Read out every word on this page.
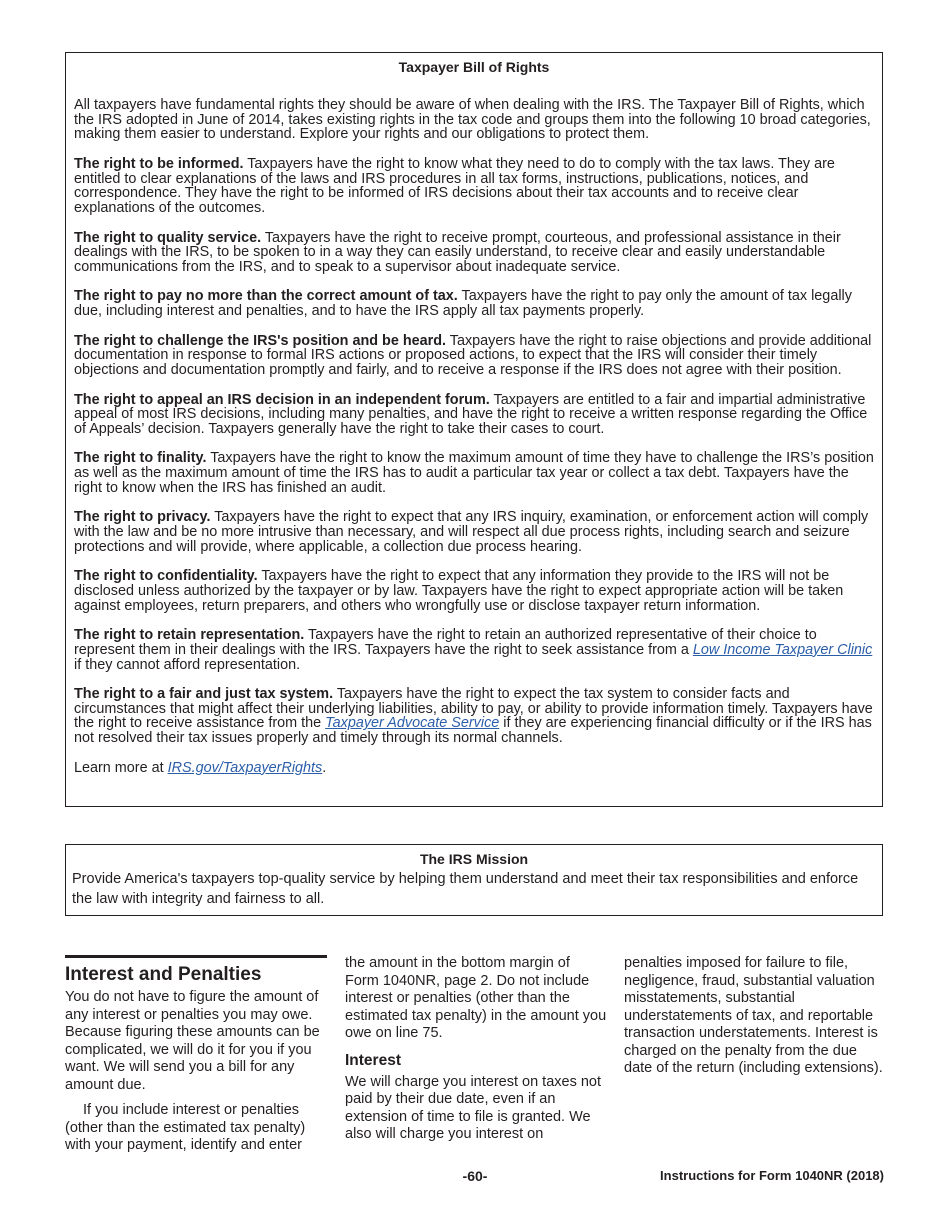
Taxpayer Bill of Rights

All taxpayers have fundamental rights they should be aware of when dealing with the IRS. The Taxpayer Bill of Rights, which the IRS adopted in June of 2014, takes existing rights in the tax code and groups them into the following 10 broad categories, making them easier to understand. Explore your rights and our obligations to protect them.

The right to be informed. Taxpayers have the right to know what they need to do to comply with the tax laws. They are entitled to clear explanations of the laws and IRS procedures in all tax forms, instructions, publications, notices, and correspondence. They have the right to be informed of IRS decisions about their tax accounts and to receive clear explanations of the outcomes.

The right to quality service. Taxpayers have the right to receive prompt, courteous, and professional assistance in their dealings with the IRS, to be spoken to in a way they can easily understand, to receive clear and easily understandable communications from the IRS, and to speak to a supervisor about inadequate service.

The right to pay no more than the correct amount of tax. Taxpayers have the right to pay only the amount of tax legally due, including interest and penalties, and to have the IRS apply all tax payments properly.

The right to challenge the IRS's position and be heard. Taxpayers have the right to raise objections and provide additional documentation in response to formal IRS actions or proposed actions, to expect that the IRS will consider their timely objections and documentation promptly and fairly, and to receive a response if the IRS does not agree with their position.

The right to appeal an IRS decision in an independent forum. Taxpayers are entitled to a fair and impartial administrative appeal of most IRS decisions, including many penalties, and have the right to receive a written response regarding the Office of Appeals’ decision. Taxpayers generally have the right to take their cases to court.

The right to finality. Taxpayers have the right to know the maximum amount of time they have to challenge the IRS’s position as well as the maximum amount of time the IRS has to audit a particular tax year or collect a tax debt. Taxpayers have the right to know when the IRS has finished an audit.

The right to privacy. Taxpayers have the right to expect that any IRS inquiry, examination, or enforcement action will comply with the law and be no more intrusive than necessary, and will respect all due process rights, including search and seizure protections and will provide, where applicable, a collection due process hearing.

The right to confidentiality. Taxpayers have the right to expect that any information they provide to the IRS will not be disclosed unless authorized by the taxpayer or by law. Taxpayers have the right to expect appropriate action will be taken against employees, return preparers, and others who wrongfully use or disclose taxpayer return information.

The right to retain representation. Taxpayers have the right to retain an authorized representative of their choice to represent them in their dealings with the IRS. Taxpayers have the right to seek assistance from a Low Income Taxpayer Clinic if they cannot afford representation.

The right to a fair and just tax system. Taxpayers have the right to expect the tax system to consider facts and circumstances that might affect their underlying liabilities, ability to pay, or ability to provide information timely. Taxpayers have the right to receive assistance from the Taxpayer Advocate Service if they are experiencing financial difficulty or if the IRS has not resolved their tax issues properly and timely through its normal channels.

Learn more at IRS.gov/TaxpayerRights.

The IRS Mission
Provide America's taxpayers top-quality service by helping them understand and meet their tax responsibilities and enforce the law with integrity and fairness to all.
Interest and Penalties

You do not have to figure the amount of any interest or penalties you may owe. Because figuring these amounts can be complicated, we will do it for you if you want. We will send you a bill for any amount due.

If you include interest or penalties (other than the estimated tax penalty) with your payment, identify and enter

the amount in the bottom margin of Form 1040NR, page 2. Do not include interest or penalties (other than the estimated tax penalty) in the amount you owe on line 75.

Interest

We will charge you interest on taxes not paid by their due date, even if an extension of time to file is granted. We also will charge you interest on

penalties imposed for failure to file, negligence, fraud, substantial valuation misstatements, substantial understatements of tax, and reportable transaction understatements. Interest is charged on the penalty from the due date of the return (including extensions).

-60-	Instructions for Form 1040NR (2018)
